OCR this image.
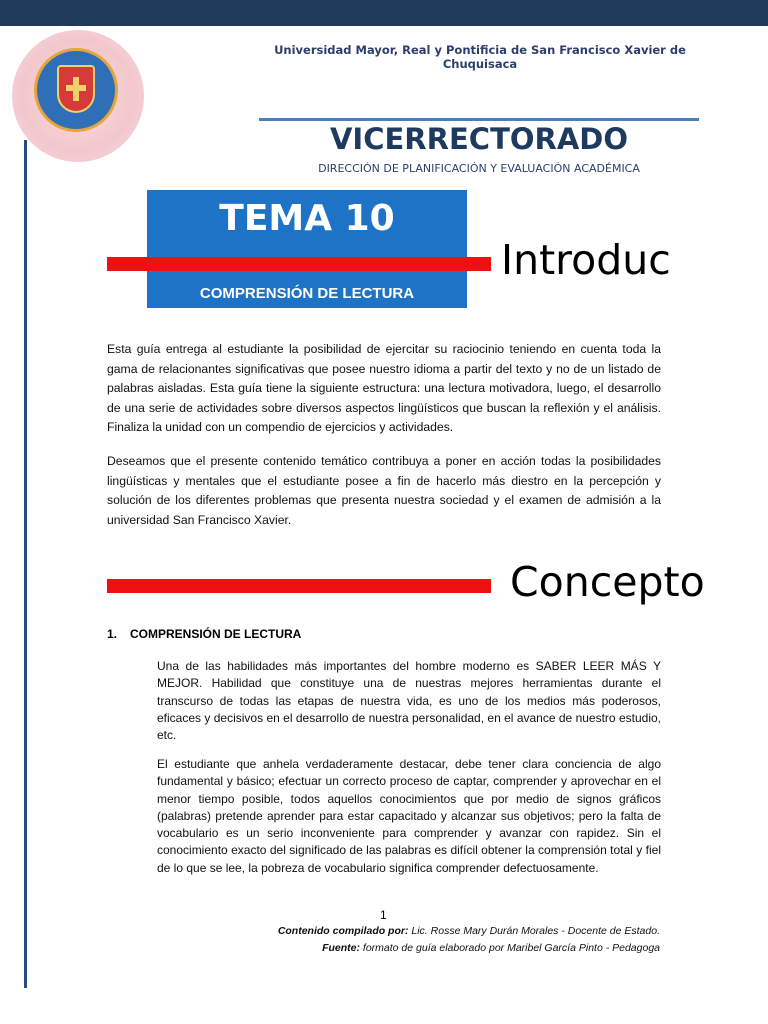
Universidad Mayor, Real y Pontificia de San Francisco Xavier de Chuquisaca
VICERRECTORADO
DIRECCIÓN DE PLANIFICACIÓN Y EVALUACIÓN ACADÉMICA
TEMA 10
COMPRENSIÓN DE LECTURA
Introduc

Esta guía entrega al estudiante la posibilidad de ejercitar su raciocinio teniendo en cuenta toda la gama de relacionantes significativas que posee nuestro idioma a partir del texto y no de un listado de palabras aisladas. Esta guía tiene la siguiente estructura: una lectura motivadora, luego, el desarrollo de una serie de actividades sobre diversos aspectos lingüísticos que buscan la reflexión y el análisis. Finaliza la unidad con un compendio de ejercicios y actividades.

Deseamos que el presente contenido temático contribuya a poner en acción todas la posibilidades lingüísticas y mentales que el estudiante posee a fin de hacerlo más diestro en la percepción y solución de los diferentes problemas que presenta nuestra sociedad y el examen de admisión a la universidad San Francisco Xavier.

Concepto
1. COMPRENSIÓN DE LECTURA

Una de las habilidades más importantes del hombre moderno es SABER LEER MÁS Y MEJOR. Habilidad que constituye una de nuestras mejores herramientas durante el transcurso de todas las etapas de nuestra vida, es uno de los medios más poderosos, eficaces y decisivos en el desarrollo de nuestra personalidad, en el avance de nuestro estudio, etc.

El estudiante que anhela verdaderamente destacar, debe tener clara conciencia de algo fundamental y básico; efectuar un correcto proceso de captar, comprender y aprovechar en el menor tiempo posible, todos aquellos conocimientos que por medio de signos gráficos (palabras) pretende aprender para estar capacitado y alcanzar sus objetivos; pero la falta de vocabulario es un serio inconveniente para comprender y avanzar con rapidez. Sin el conocimiento exacto del significado de las palabras es difícil obtener la comprensión total y fiel de lo que se lee, la pobreza de vocabulario significa comprender defectuosamente.

1
Contenido compilado por: Lic. Rosse Mary Durán Morales - Docente de Estado.
Fuente: formato de guía elaborado por Maribel García Pinto - Pedagoga
